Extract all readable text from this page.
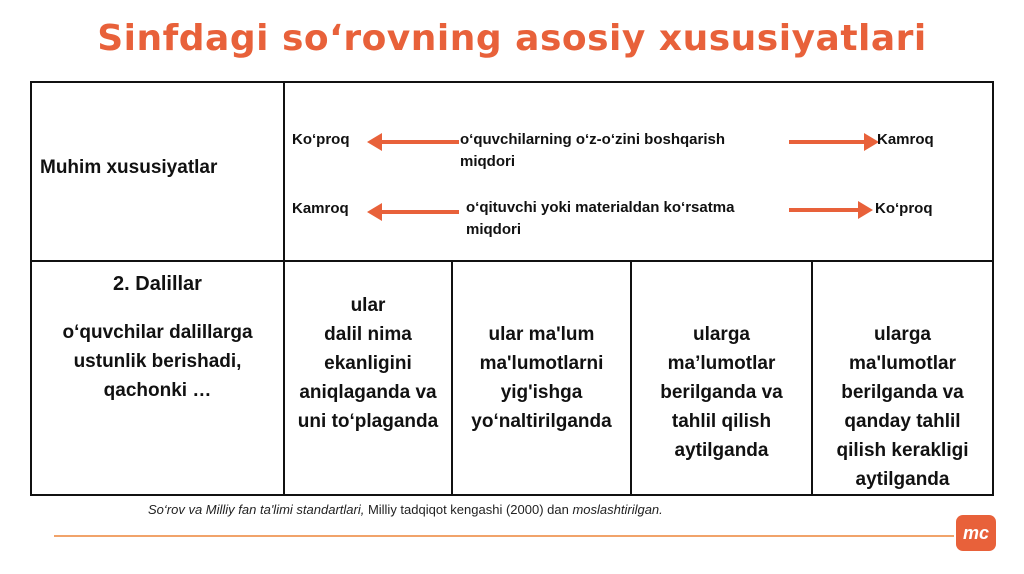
Sinfdagi so‘rovning asosiy xususiyatlari
Muhim xususiyatlar
Ko‘proq	o‘quvchilarning o‘z-o‘zini boshqarish
miqdori
Kamroq
Kamroq	o‘qituvchi yoki materialdan ko‘rsatma
miqdori
Ko‘proq
2. Dalillar
o‘quvchilar dalillarga
ustunlik berishadi,
qachonki …
ular
dalil nima
ekanligini
aniqlaganda va
uni to‘plaganda
ular ma'lum
ma'lumotlarni
yig'ishga
yo‘naltirilganda
ularga
ma’lumotlar
berilganda va
tahlil qilish
aytilganda
ularga
ma'lumotlar
berilganda va
qanday tahlil
qilish kerakligi
aytilganda
So‘rov va Milliy fan ta'limi standartlari, Milliy tadqiqot kengashi (2000) dan moslashtirilgan.
mc
